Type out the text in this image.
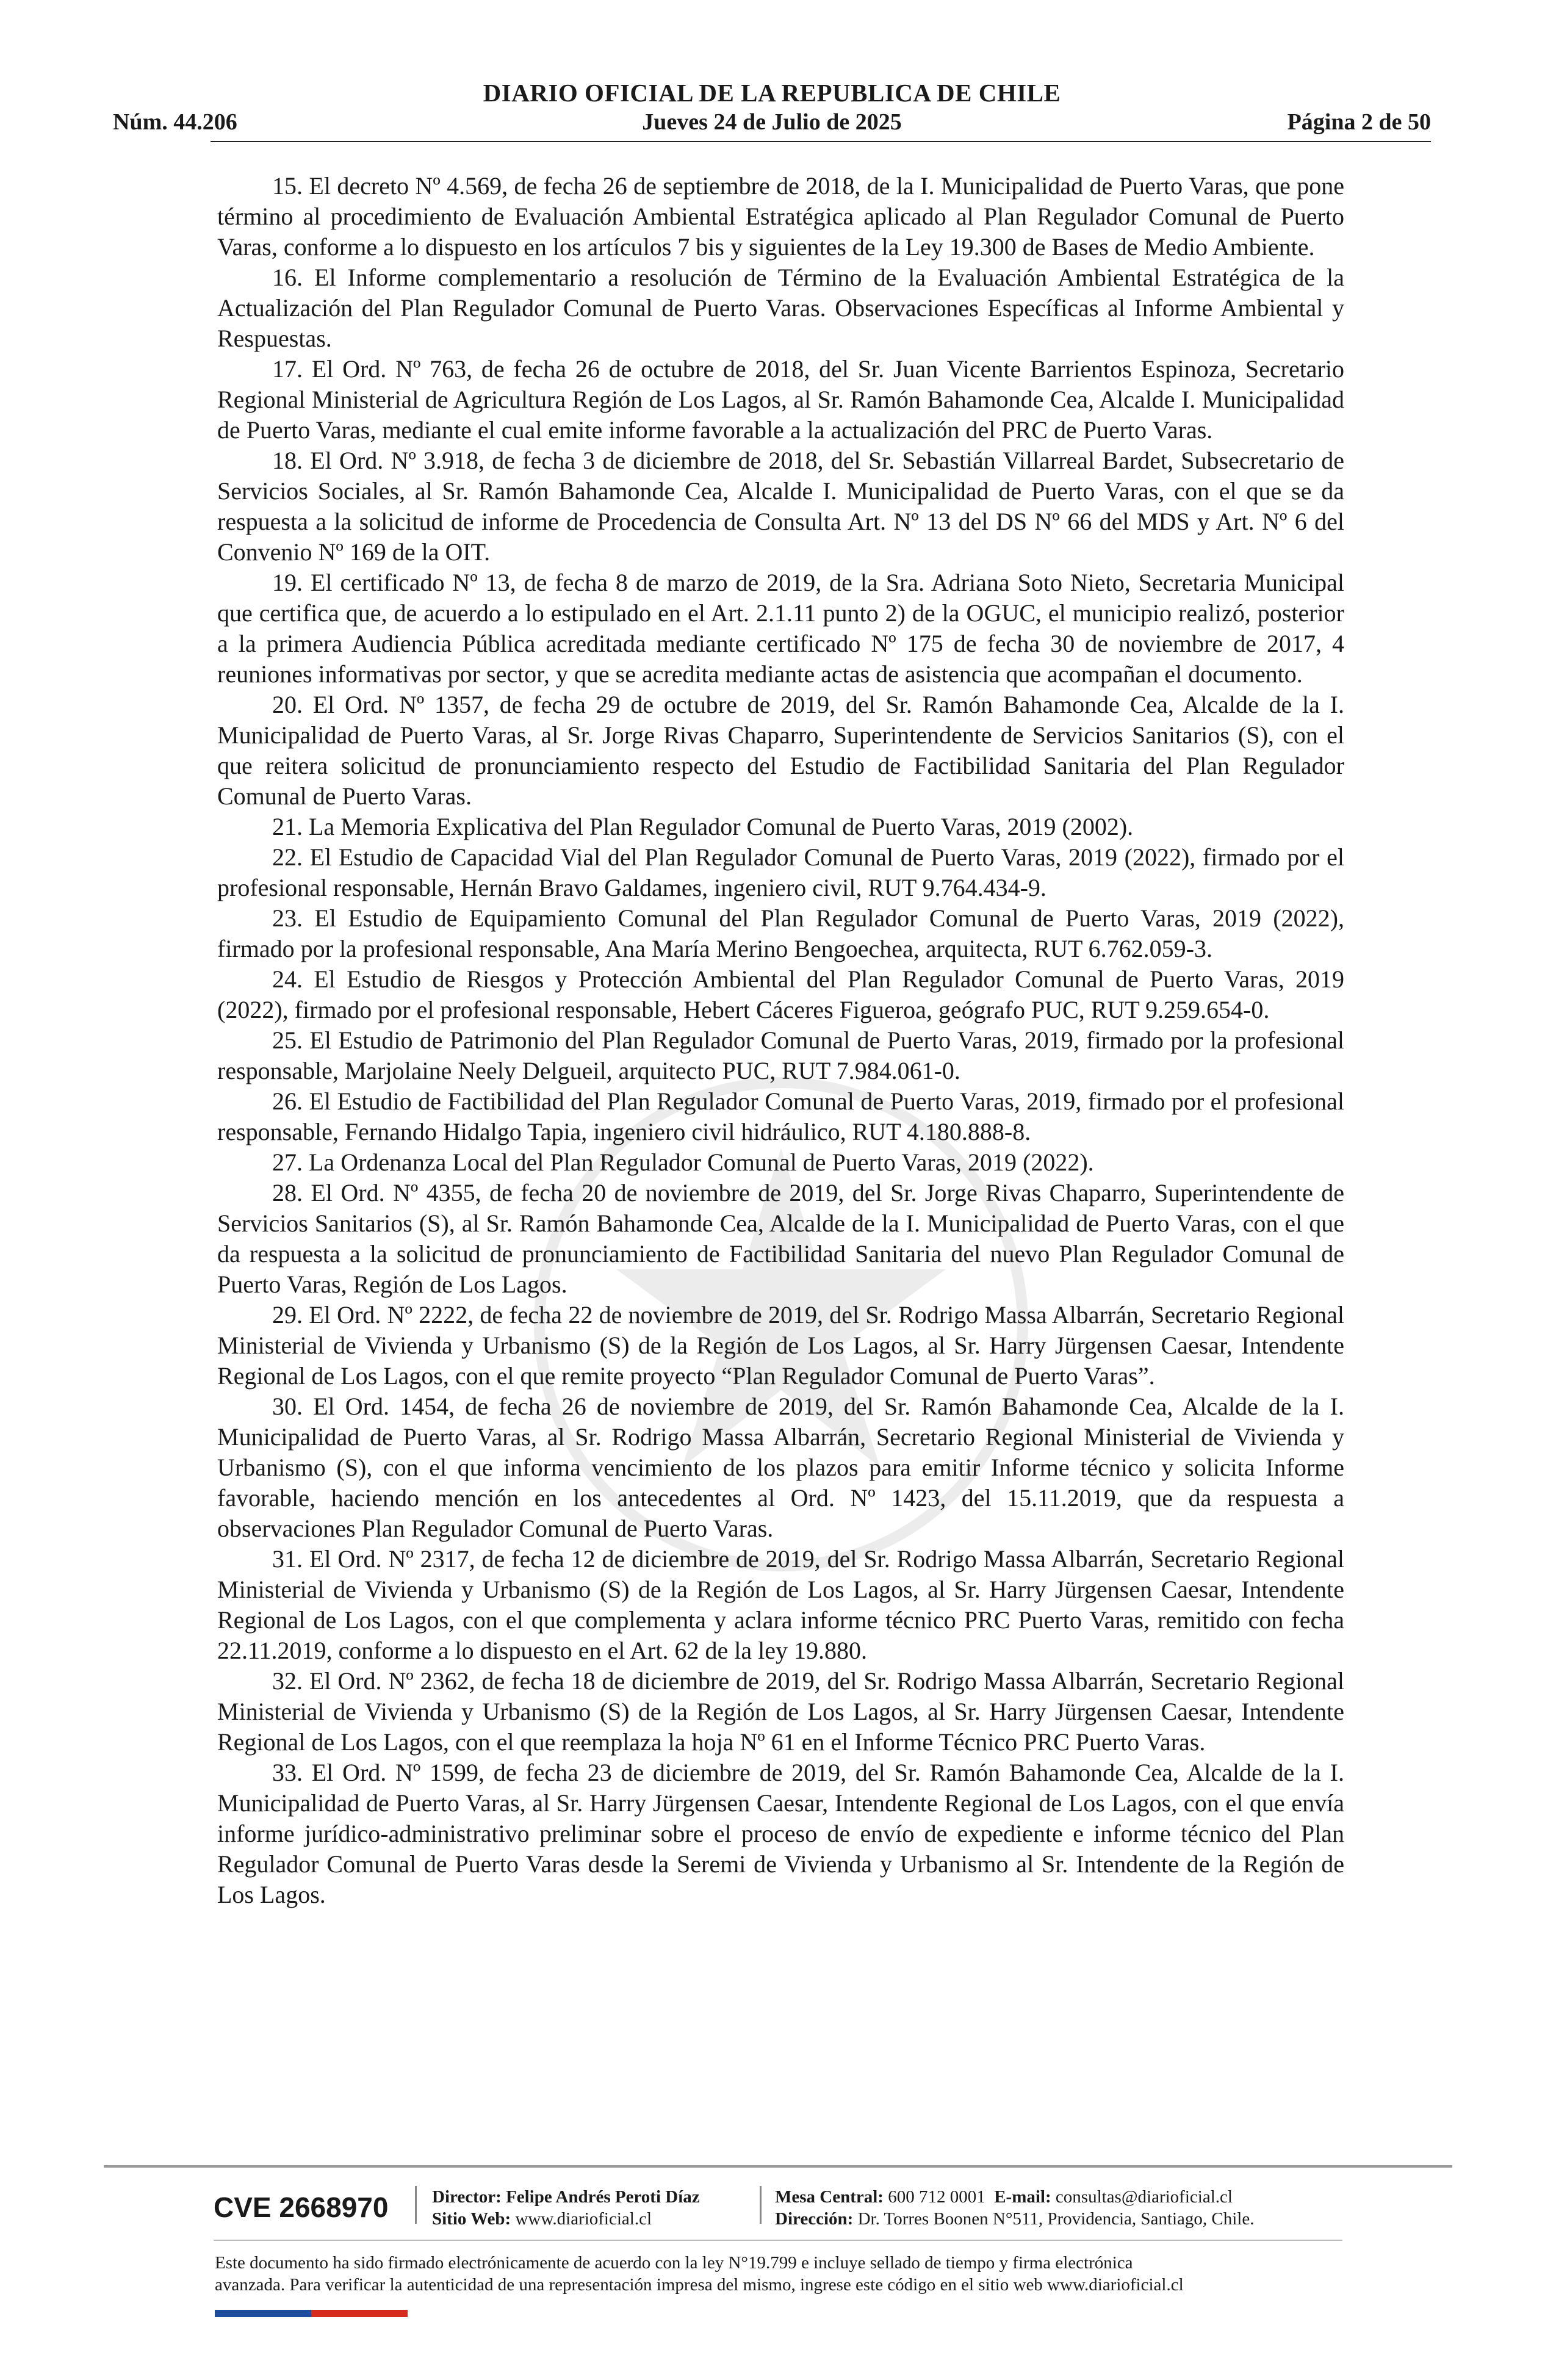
DIARIO OFICIAL DE LA REPUBLICA DE CHILE
Núm. 44.206	Jueves 24 de Julio de 2025	Página 2 de 50

15. El decreto Nº 4.569, de fecha 26 de septiembre de 2018, de la I. Municipalidad de Puerto Varas, que pone término al procedimiento de Evaluación Ambiental Estratégica aplicado al Plan Regulador Comunal de Puerto Varas, conforme a lo dispuesto en los artículos 7 bis y siguientes de la Ley 19.300 de Bases de Medio Ambiente.

16. El Informe complementario a resolución de Término de la Evaluación Ambiental Estratégica de la Actualización del Plan Regulador Comunal de Puerto Varas. Observaciones Específicas al Informe Ambiental y Respuestas.

17. El Ord. Nº 763, de fecha 26 de octubre de 2018, del Sr. Juan Vicente Barrientos Espinoza, Secretario Regional Ministerial de Agricultura Región de Los Lagos, al Sr. Ramón Bahamonde Cea, Alcalde I. Municipalidad de Puerto Varas, mediante el cual emite informe favorable a la actualización del PRC de Puerto Varas.

18. El Ord. Nº 3.918, de fecha 3 de diciembre de 2018, del Sr. Sebastián Villarreal Bardet, Subsecretario de Servicios Sociales, al Sr. Ramón Bahamonde Cea, Alcalde I. Municipalidad de Puerto Varas, con el que se da respuesta a la solicitud de informe de Procedencia de Consulta Art. Nº 13 del DS Nº 66 del MDS y Art. Nº 6 del Convenio Nº 169 de la OIT.

19. El certificado Nº 13, de fecha 8 de marzo de 2019, de la Sra. Adriana Soto Nieto, Secretaria Municipal que certifica que, de acuerdo a lo estipulado en el Art. 2.1.11 punto 2) de la OGUC, el municipio realizó, posterior a la primera Audiencia Pública acreditada mediante certificado Nº 175 de fecha 30 de noviembre de 2017, 4 reuniones informativas por sector, y que se acredita mediante actas de asistencia que acompañan el documento.

20. El Ord. Nº 1357, de fecha 29 de octubre de 2019, del Sr. Ramón Bahamonde Cea, Alcalde de la I. Municipalidad de Puerto Varas, al Sr. Jorge Rivas Chaparro, Superintendente de Servicios Sanitarios (S), con el que reitera solicitud de pronunciamiento respecto del Estudio de Factibilidad Sanitaria del Plan Regulador Comunal de Puerto Varas.

21. La Memoria Explicativa del Plan Regulador Comunal de Puerto Varas, 2019 (2002).

22. El Estudio de Capacidad Vial del Plan Regulador Comunal de Puerto Varas, 2019 (2022), firmado por el profesional responsable, Hernán Bravo Galdames, ingeniero civil, RUT 9.764.434-9.

23. El Estudio de Equipamiento Comunal del Plan Regulador Comunal de Puerto Varas, 2019 (2022), firmado por la profesional responsable, Ana María Merino Bengoechea, arquitecta, RUT 6.762.059-3.

24. El Estudio de Riesgos y Protección Ambiental del Plan Regulador Comunal de Puerto Varas, 2019 (2022), firmado por el profesional responsable, Hebert Cáceres Figueroa, geógrafo PUC, RUT 9.259.654-0.

25. El Estudio de Patrimonio del Plan Regulador Comunal de Puerto Varas, 2019, firmado por la profesional responsable, Marjolaine Neely Delgueil, arquitecto PUC, RUT 7.984.061-0.

26. El Estudio de Factibilidad del Plan Regulador Comunal de Puerto Varas, 2019, firmado por el profesional responsable, Fernando Hidalgo Tapia, ingeniero civil hidráulico, RUT 4.180.888-8.

27. La Ordenanza Local del Plan Regulador Comunal de Puerto Varas, 2019 (2022).

28. El Ord. Nº 4355, de fecha 20 de noviembre de 2019, del Sr. Jorge Rivas Chaparro, Superintendente de Servicios Sanitarios (S), al Sr. Ramón Bahamonde Cea, Alcalde de la I. Municipalidad de Puerto Varas, con el que da respuesta a la solicitud de pronunciamiento de Factibilidad Sanitaria del nuevo Plan Regulador Comunal de Puerto Varas, Región de Los Lagos.

29. El Ord. Nº 2222, de fecha 22 de noviembre de 2019, del Sr. Rodrigo Massa Albarrán, Secretario Regional Ministerial de Vivienda y Urbanismo (S) de la Región de Los Lagos, al Sr. Harry Jürgensen Caesar, Intendente Regional de Los Lagos, con el que remite proyecto “Plan Regulador Comunal de Puerto Varas”.

30. El Ord. 1454, de fecha 26 de noviembre de 2019, del Sr. Ramón Bahamonde Cea, Alcalde de la I. Municipalidad de Puerto Varas, al Sr. Rodrigo Massa Albarrán, Secretario Regional Ministerial de Vivienda y Urbanismo (S), con el que informa vencimiento de los plazos para emitir Informe técnico y solicita Informe favorable, haciendo mención en los antecedentes al Ord. Nº 1423, del 15.11.2019, que da respuesta a observaciones Plan Regulador Comunal de Puerto Varas.

31. El Ord. Nº 2317, de fecha 12 de diciembre de 2019, del Sr. Rodrigo Massa Albarrán, Secretario Regional Ministerial de Vivienda y Urbanismo (S) de la Región de Los Lagos, al Sr. Harry Jürgensen Caesar, Intendente Regional de Los Lagos, con el que complementa y aclara informe técnico PRC Puerto Varas, remitido con fecha 22.11.2019, conforme a lo dispuesto en el Art. 62 de la ley 19.880.

32. El Ord. Nº 2362, de fecha 18 de diciembre de 2019, del Sr. Rodrigo Massa Albarrán, Secretario Regional Ministerial de Vivienda y Urbanismo (S) de la Región de Los Lagos, al Sr. Harry Jürgensen Caesar, Intendente Regional de Los Lagos, con el que reemplaza la hoja Nº 61 en el Informe Técnico PRC Puerto Varas.

33. El Ord. Nº 1599, de fecha 23 de diciembre de 2019, del Sr. Ramón Bahamonde Cea, Alcalde de la I. Municipalidad de Puerto Varas, al Sr. Harry Jürgensen Caesar, Intendente Regional de Los Lagos, con el que envía informe jurídico-administrativo preliminar sobre el proceso de envío de expediente e informe técnico del Plan Regulador Comunal de Puerto Varas desde la Seremi de Vivienda y Urbanismo al Sr. Intendente de la Región de Los Lagos.

CVE 2668970 Director: Felipe Andrés Peroti Díaz
Sitio Web: www.diarioficial.cl
Mesa Central: 600 712 0001 E-mail: consultas@diarioficial.cl
Dirección: Dr. Torres Boonen N°511, Providencia, Santiago, Chile.
Este documento ha sido firmado electrónicamente de acuerdo con la ley N°19.799 e incluye sellado de tiempo y firma electrónica
avanzada. Para verificar la autenticidad de una representación impresa del mismo, ingrese este código en el sitio web www.diarioficial.cl
